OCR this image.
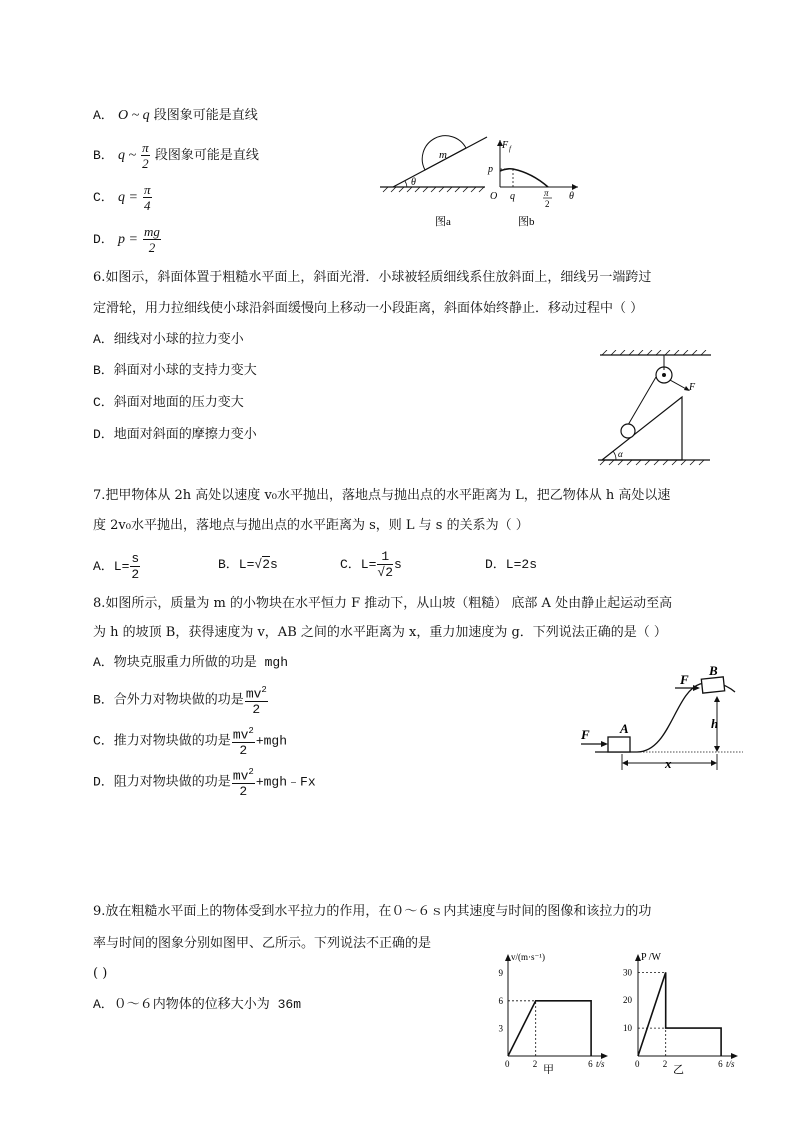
A． O ~ q 段图象可能是直线
B． q ~ $\frac{\pi}{2}$ 段图象可能是直线
C． $q = \frac{\pi}{4}$
D． $p = \frac{mg}{2}$
θ
m
图a
F f
p
O q	π
2
θ
图b
6.如图示，斜面体置于粗糙水平面上，斜面光滑．小球被轻质细线系住放斜面上，细线另一端跨过
定滑轮，用力拉细线使小球沿斜面缓慢向上移动一小段距离，斜面体始终静止．移动过程中（ ）
A．细线对小球的拉力变小
B．斜面对小球的支持力变大
C．斜面对地面的压力变大
D．地面对斜面的摩擦力变小
F
α
7.把甲物体从 2h 高处以速度 v₀水平抛出，落地点与抛出点的水平距离为 L，把乙物体从 h 高处以速
度 2v₀水平抛出，落地点与抛出点的水平距离为 s，则 L 与 s 的关系为（ ）
A．$L= \frac{s}{2}$	B．L=√2s	C．$L= \frac{1}{√2}$ s	D．L=2s
8.如图所示，质量为 m 的小物块在水平恒力 F 推动下，从山坡（粗糙） 底部 A 处由静止起运动至高
为 h 的坡顶 B，获得速度为 v，AB 之间的水平距离为 x，重力加速度为 g．下列说法正确的是（ ）
A．物块克服重力所做的功是 mgh
B．合外力对物块做的功是 $\frac{mv^2}{2}$
C．推力对物块做的功是 $\frac{mv^2}{2} +mgh$
D．阻力对物块做的功是 $\frac{mv^2}{2}$ +mgh﹣Fx
A
F
B
F
h
x
9.放在粗糙水平面上的物体受到水平拉力的作用，在０～６ｓ内其速度与时间的图像和该拉力的功
率与时间的图象分别如图甲、乙所示。下列说法不正确的是
( )
A．０～６内物体的位移大小为 36m
0	2	6
3
6
9
v/(m·s⁻¹)
t/s
甲	0	2	6
10
20
30
P /W
t/s
乙
